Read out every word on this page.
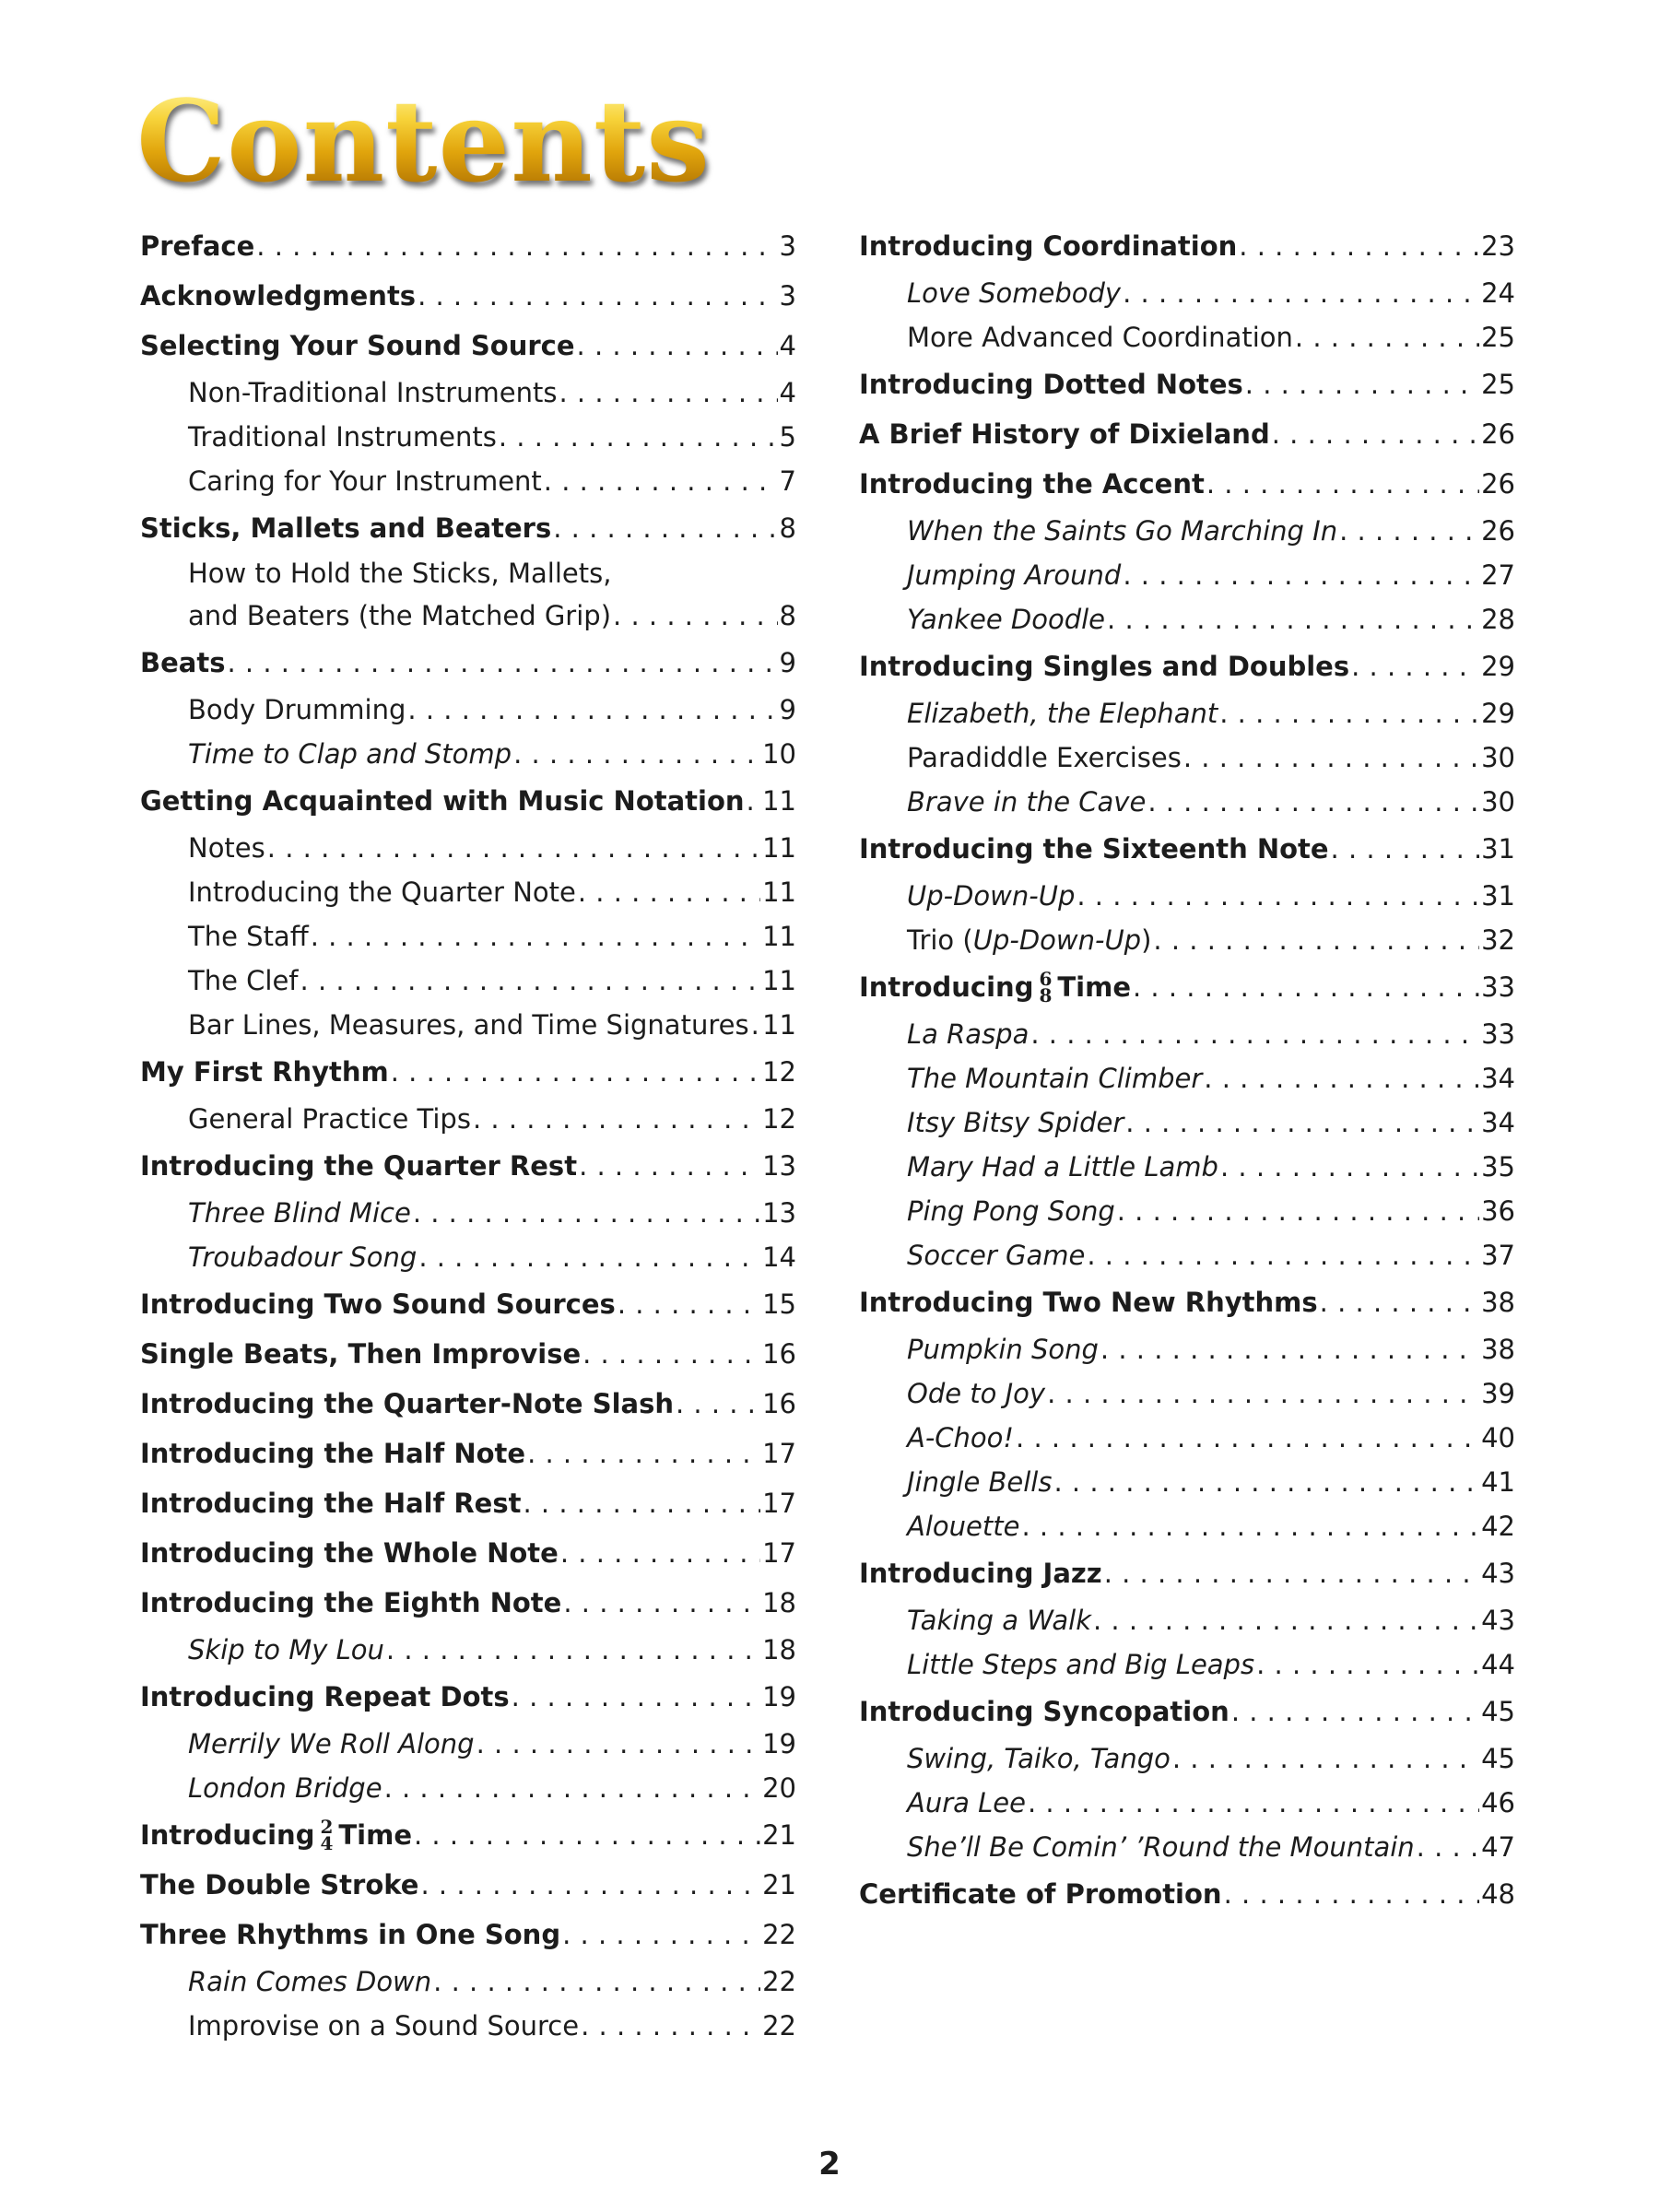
Contents
Preface . . .	3
Acknowledgments . . .	3
Selecting Your Sound Source . . .	4
Non-Traditional Instruments . . .	4
Traditional Instruments . . .	5
Caring for Your Instrument . . .	7
Sticks, Mallets and Beaters . . .	8
How to Hold the Sticks, Mallets,
and Beaters (the Matched Grip) . . .	8
Beats . . .	9
Body Drumming . . .	9
Time to Clap and Stomp . . .	10
Getting Acquainted with Music Notation . . . 11
Notes . . .	11
Introducing the Quarter Note . . .	11
The Staff . . .	11
The Clef . . .	11
Bar Lines, Measures, and Time Signatures . . . 11
My First Rhythm . . .	12
General Practice Tips . . .	12
Introducing the Quarter Rest . . .	13
Three Blind Mice . . .	13
Troubadour Song . . .	14
Introducing Two Sound Sources . . .	15
Single Beats, Then Improvise . . .	16
Introducing the Quarter-Note Slash . . .	16
Introducing the Half Note . . .	17
Introducing the Half Rest . . .	17
Introducing the Whole Note . . .	17
Introducing the Eighth Note . . .	18
Skip to My Lou . . .	18
Introducing Repeat Dots . . .	19
Merrily We Roll Along . . .	19
London Bridge . . .	20
Introducing 2
4 Time . . .	21
The Double Stroke . . .	21
Three Rhythms in One Song . . .	22
Rain Comes Down . . .	22
Improvise on a Sound Source . . .	22
Introducing Coordination . . .	23
Love Somebody . . .	24
More Advanced Coordination . . .	25
Introducing Dotted Notes . . .	25
A Brief History of Dixieland . . .	26
Introducing the Accent . . .	26
When the Saints Go Marching In . . .	26
Jumping Around . . .	27
Yankee Doodle . . .	28
Introducing Singles and Doubles . . .	29
Elizabeth, the Elephant . . .	29
Paradiddle Exercises . . .	30
Brave in the Cave . . .	30
Introducing the Sixteenth Note . . .	31
Up-Down-Up . . .	31
Trio (Up-Down-Up) . . .	32
Introducing 6
8 Time . . .	33
La Raspa . . .	33
The Mountain Climber . . .	34
Itsy Bitsy Spider . . .	34
Mary Had a Little Lamb . . .	35
Ping Pong Song . . .	36
Soccer Game . . .	37
Introducing Two New Rhythms . . .	38
Pumpkin Song . . .	38
Ode to Joy . . .	39
A-Choo! . . .	40
Jingle Bells . . .	41
Alouette . . .	42
Introducing Jazz . . .	43
Taking a Walk . . .	43
Little Steps and Big Leaps . . .	44
Introducing Syncopation . . .	45
Swing, Taiko, Tango . . .	45
Aura Lee . . .	46
She’ll Be Comin’ ’Round the Mountain . . . 47
Certificate of Promotion . . .	48
2
